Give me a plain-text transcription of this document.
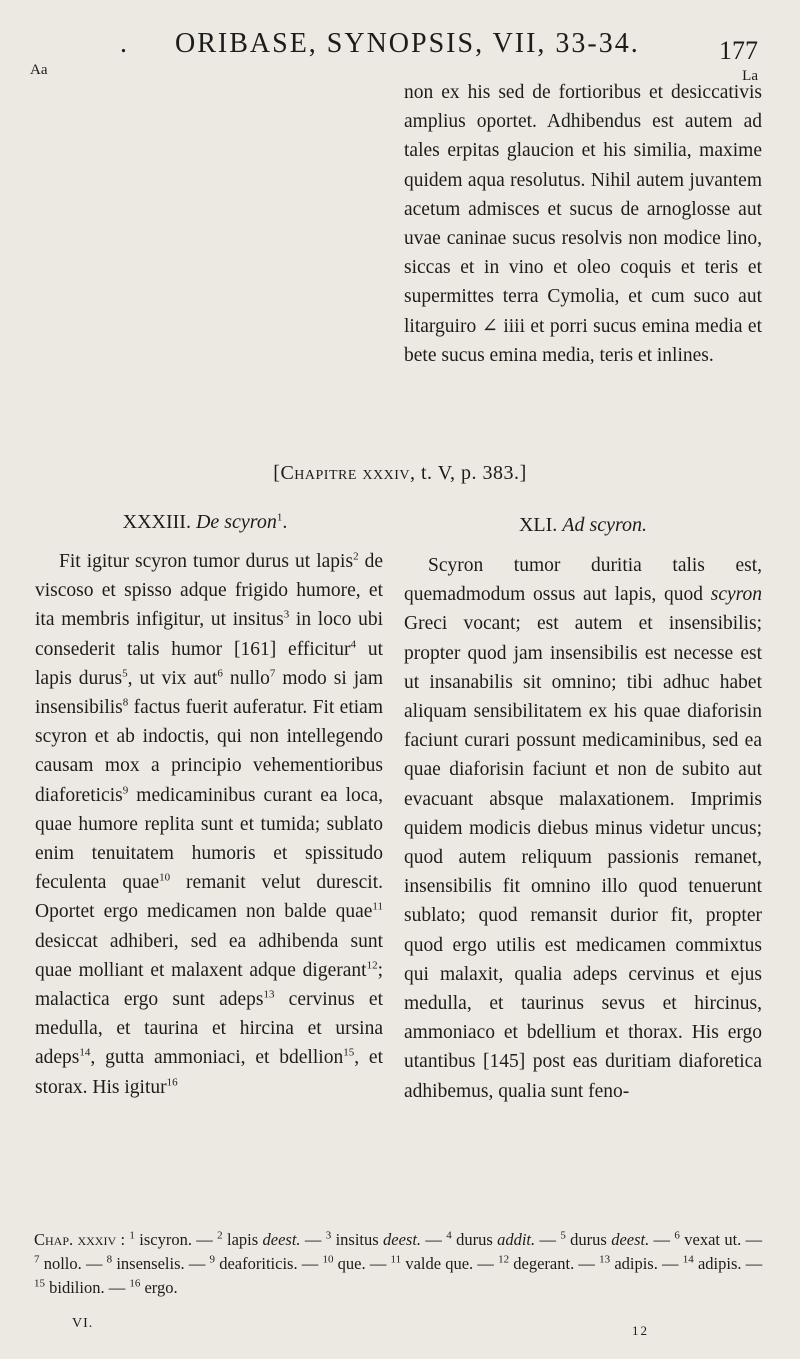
. ORIBASE, SYNOPSIS, VII, 33-34.	177
Aa	La

non ex his sed de fortioribus et desiccativis amplius oportet. Adhibendus est autem ad tales erpitas glaucion et his similia, maxime quidem aqua resolutus. Nihil autem juvantem acetum admisces et sucus de arnoglosse aut uvae caninae sucus resolvis non modice lino, siccas et in vino et oleo coquis et teris et supermittes terra Cymolia, et cum suco aut litarguiro ∠ iiii et porri sucus emina media et bete sucus emina media, teris et inlines.

[Chapitre xxxiv, t. V, p. 383.]
XXXIII. De scyron$^1$.	XLI. Ad scyron.

Fit igitur scyron tumor durus ut lapis$^2$ de viscoso et spisso adque frigido humore, et ita membris infigitur, ut insitus$^3$ in loco ubi consederit talis humor [161] efficitur$^4$ ut lapis durus$^5$, ut vix aut$^6$ nullo$^7$ modo si jam insensibilis$^8$ factus fuerit auferatur. Fit etiam scyron et ab indoctis, qui non intellegendo causam mox a principio vehementioribus diaforeticis$^9$ medicaminibus curant ea loca, quae humore replita sunt et tumida; sublato enim tenuitatem humoris et spissitudo feculenta quae$^{10}$ remanit velut durescit. Oportet ergo medicamen non balde quae$^{11}$ desiccat adhiberi, sed ea adhibenda sunt quae molliant et malaxent adque digerant$^{12}$; malactica ergo sunt adeps$^{13}$ cervinus et medulla, et taurina et hircina et ursina adeps$^{14}$, gutta ammoniaci, et bdellion$^{15}$, et storax. His igitur$^{16}$

Scyron tumor duritia talis est, quemadmodum ossus aut lapis, quod scyron Greci vocant; est autem et insensibilis; propter quod jam insensibilis est necesse est ut insanabilis sit omnino; tibi adhuc habet aliquam sensibilitatem ex his quae diaforisin faciunt curari possunt medicaminibus, sed ea quae diaforisin faciunt et non de subito aut evacuant absque malaxationem. Imprimis quidem modicis diebus minus videtur uncus; quod autem reliquum passionis remanet, insensibilis fit omnino illo quod tenuerunt sublato; quod remansit durior fit, propter quod ergo utilis est medicamen commixtus qui malaxit, qualia adeps cervinus et ejus medulla, et taurinus sevus et hircinus, ammoniaco et bdellium et thorax. His ergo utantibus [145] post eas duritiam diaforetica adhibemus, qualia sunt feno-

Chap. xxxiv : $^1$ iscyron. — $^2$ lapis deest. — $^3$ insitus deest. — $^4$ durus addit. — $^5$ durus deest. — $^6$ vexat ut. — $^7$ nollo. — $^8$ insenselis. — $^9$ deaforiticis. — $^{10}$ que. — $^{11}$ valde que. — $^{12}$ degerant. — $^{13}$ adipis. — $^{14}$ adipis. — $^{15}$ bidilion. — $^{16}$ ergo.
VI.	12
